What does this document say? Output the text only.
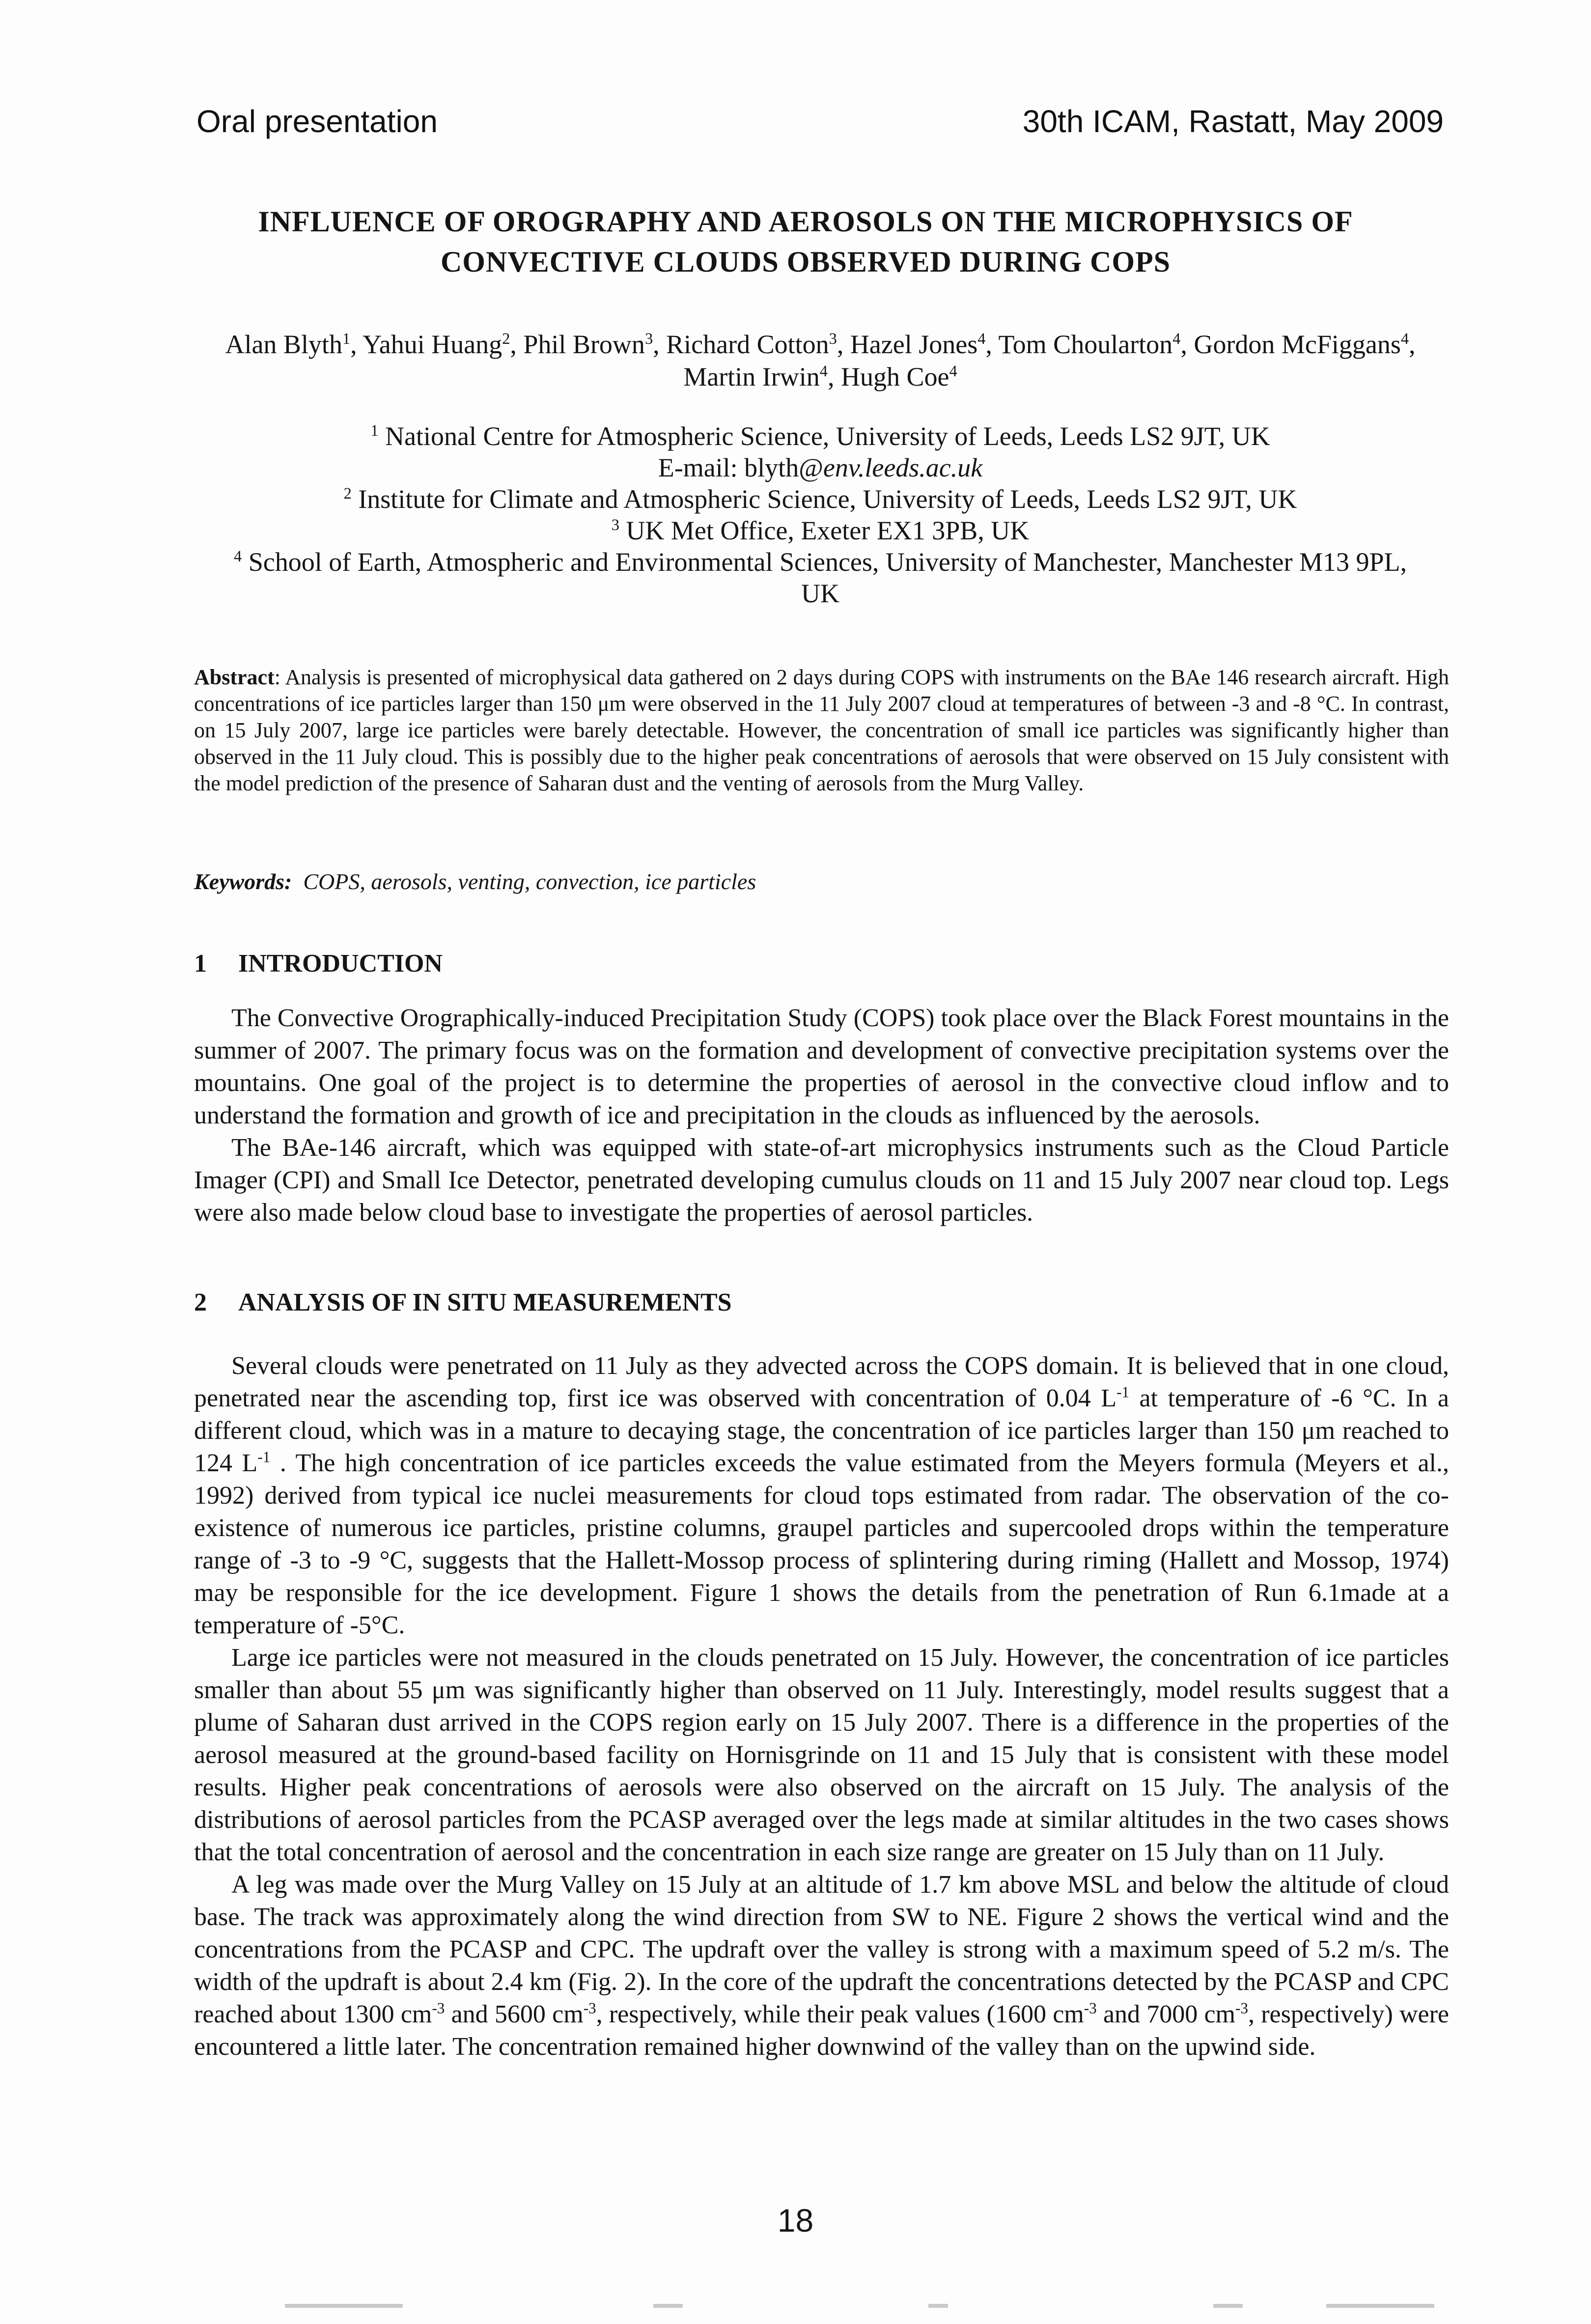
Oral presentation	30th ICAM, Rastatt, May 2009
INFLUENCE OF OROGRAPHY AND AEROSOLS ON THE MICROPHYSICS OF
CONVECTIVE CLOUDS OBSERVED DURING COPS
Alan Blyth$^1$, Yahui Huang$^2$, Phil Brown$^3$, Richard Cotton$^3$, Hazel Jones$^4$, Tom Choularton$^4$, Gordon McFiggans$^4$,
Martin Irwin$^4$, Hugh Coe$^4$
$^1$ National Centre for Atmospheric Science, University of Leeds, Leeds LS2 9JT, UK
E-mail: blyth@env.leeds.ac.uk
$^2$ Institute for Climate and Atmospheric Science, University of Leeds, Leeds LS2 9JT, UK
$^3$ UK Met Office, Exeter EX1 3PB, UK
$^4$ School of Earth, Atmospheric and Environmental Sciences, University of Manchester, Manchester M13 9PL,
UK
Abstract: Analysis is presented of microphysical data gathered on 2 days during COPS with instruments on the BAe 146 research aircraft. High concentrations of ice particles larger than 150 μm were observed in the 11 July 2007 cloud at temperatures of between -3 and -8 °C. In contrast, on 15 July 2007, large ice particles were barely detectable. However, the concentration of small ice particles was significantly higher than observed in the 11 July cloud. This is possibly due to the higher peak concentrations of aerosols that were observed on 15 July consistent with the model prediction of the presence of Saharan dust and the venting of aerosols from the Murg Valley.
Keywords: COPS, aerosols, venting, convection, ice particles
1 INTRODUCTION

The Convective Orographically-induced Precipitation Study (COPS) took place over the Black Forest mountains in the summer of 2007. The primary focus was on the formation and development of convective precipitation systems over the mountains. One goal of the project is to determine the properties of aerosol in the convective cloud inflow and to understand the formation and growth of ice and precipitation in the clouds as influenced by the aerosols.

The BAe-146 aircraft, which was equipped with state-of-art microphysics instruments such as the Cloud Particle Imager (CPI) and Small Ice Detector, penetrated developing cumulus clouds on 11 and 15 July 2007 near cloud top. Legs were also made below cloud base to investigate the properties of aerosol particles.

2 ANALYSIS OF IN SITU MEASUREMENTS

Several clouds were penetrated on 11 July as they advected across the COPS domain. It is believed that in one cloud, penetrated near the ascending top, first ice was observed with concentration of 0.04 $L^{-1}$ at temperature of -6 °C. In a different cloud, which was in a mature to decaying stage, the concentration of ice particles larger than 150 μm reached to 124 $L^{-1}$ . The high concentration of ice particles exceeds the value estimated from the Meyers formula (Meyers et al., 1992) derived from typical ice nuclei measurements for cloud tops estimated from radar. The observation of the co-existence of numerous ice particles, pristine columns, graupel particles and supercooled drops within the temperature range of -3 to -9 °C, suggests that the Hallett-Mossop process of splintering during riming (Hallett and Mossop, 1974) may be responsible for the ice development. Figure 1 shows the details from the penetration of Run 6.1made at a temperature of -5°C.

Large ice particles were not measured in the clouds penetrated on 15 July. However, the concentration of ice particles smaller than about 55 μm was significantly higher than observed on 11 July. Interestingly, model results suggest that a plume of Saharan dust arrived in the COPS region early on 15 July 2007. There is a difference in the properties of the aerosol measured at the ground-based facility on Hornisgrinde on 11 and 15 July that is consistent with these model results. Higher peak concentrations of aerosols were also observed on the aircraft on 15 July. The analysis of the distributions of aerosol particles from the PCASP averaged over the legs made at similar altitudes in the two cases shows that the total concentration of aerosol and the concentration in each size range are greater on 15 July than on 11 July.

A leg was made over the Murg Valley on 15 July at an altitude of 1.7 km above MSL and below the altitude of cloud base. The track was approximately along the wind direction from SW to NE. Figure 2 shows the vertical wind and the concentrations from the PCASP and CPC. The updraft over the valley is strong with a maximum speed of 5.2 m/s. The width of the updraft is about 2.4 km (Fig. 2). In the core of the updraft the concentrations detected by the PCASP and CPC reached about 1300 $cm^{-3}$ and 5600 $cm^{-3}$, respectively, while their peak values (1600 $cm^{-3}$ and 7000 $cm^{-3}$, respectively) were encountered a little later. The concentration remained higher downwind of the valley than on the upwind side.

18
